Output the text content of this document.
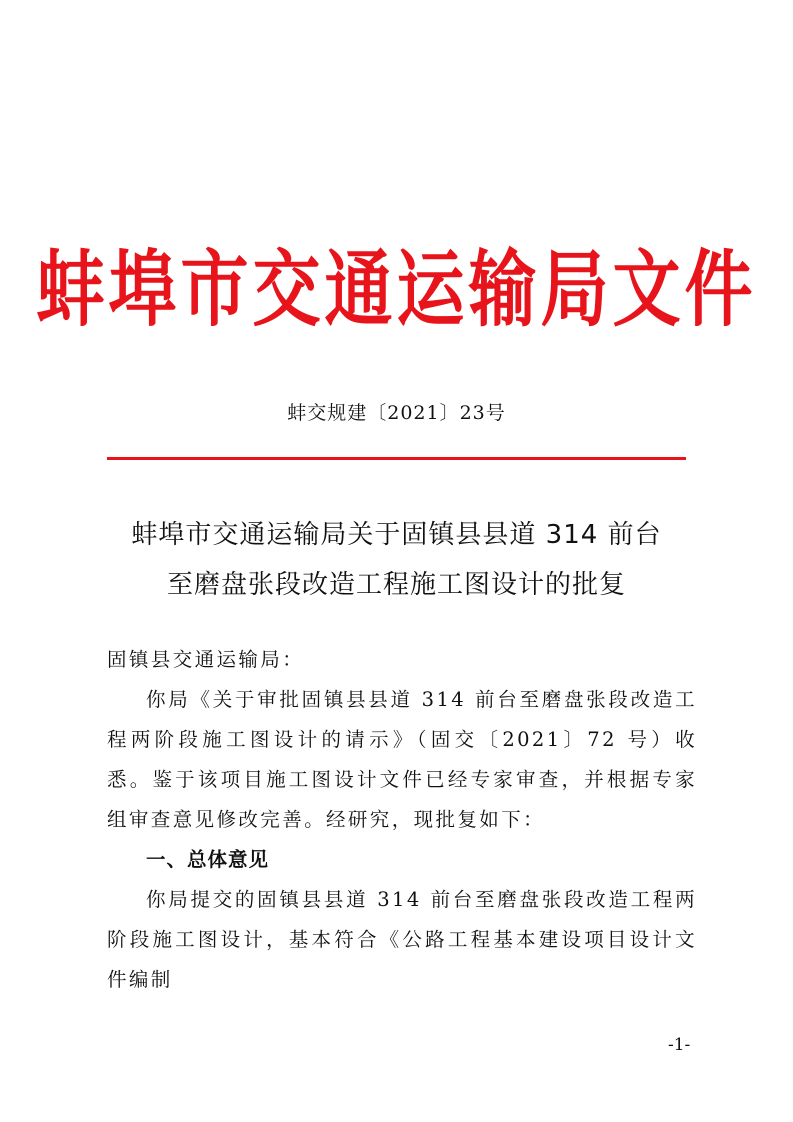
蚌埠市交通运输局文件
蚌交规建〔2021〕23号
蚌埠市交通运输局关于固镇县县道 314 前台
至磨盘张段改造工程施工图设计的批复

固镇县交通运输局：

你局《关于审批固镇县县道 314 前台至磨盘张段改造工程两阶段施工图设计的请示》（固交〔2021〕72 号）收悉。鉴于该项目施工图设计文件已经专家审查，并根据专家组审查意见修改完善。经研究，现批复如下：

一、总体意见

你局提交的固镇县县道 314 前台至磨盘张段改造工程两阶段施工图设计，基本符合《公路工程基本建设项目设计文件编制

-1-
